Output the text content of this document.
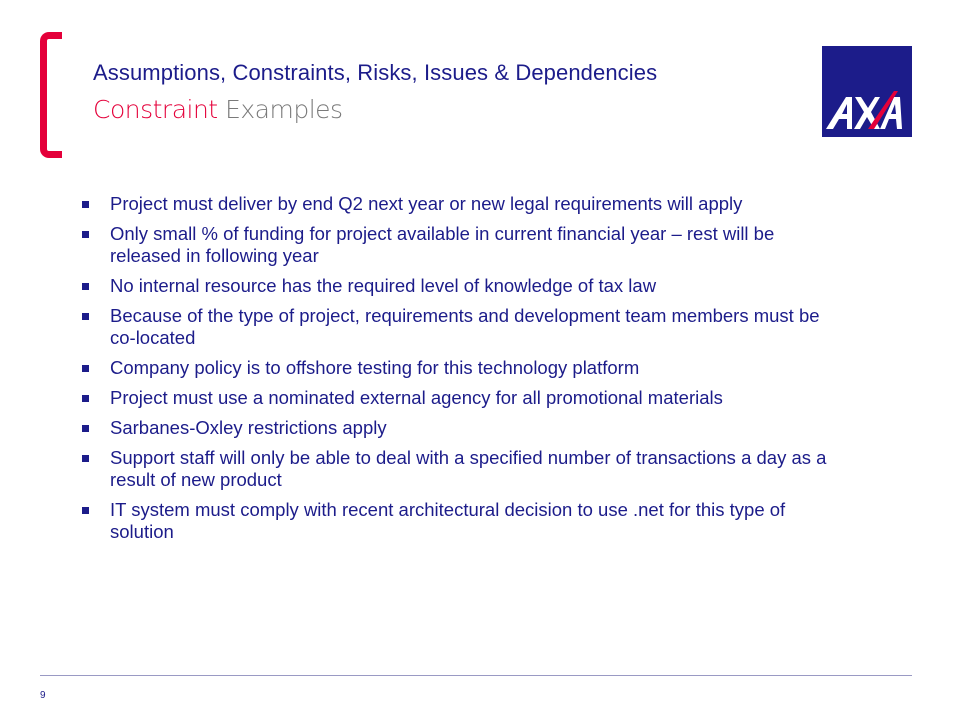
Assumptions, Constraints, Risks, Issues & Dependencies
Constraint Examples
Project must deliver by end Q2 next year or new legal requirements will apply
Only small % of funding for project available in current financial year – rest will be released in following year
No internal resource has the required level of knowledge of tax law
Because of the type of project, requirements and development team members must be co-located
Company policy is to offshore testing for this technology platform
Project must use a nominated external agency for all promotional materials
Sarbanes-Oxley restrictions apply
Support staff will only be able to deal with a specified number of transactions a day as a result of new product
IT system must comply with recent architectural decision to use .net for this type of solution
9
